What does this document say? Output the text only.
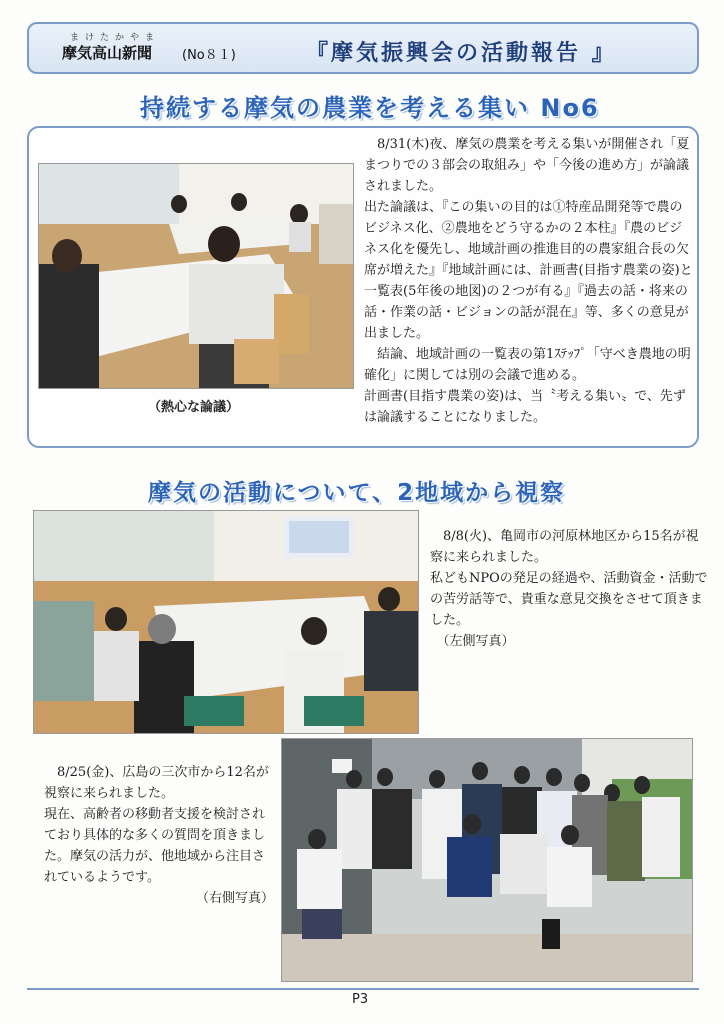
まけたかやま
摩気高山新聞 (No８１)	『摩気振興会の活動報告 』
持続する摩気の農業を考える集い No6
（熱心な論議）

　8/31(木)夜、摩気の農業を考える集いが開催され「夏まつりでの３部会の取組み」や「今後の進め方」が論議されました。

出た論議は、『この集いの目的は①特産品開発等で農のビジネス化、②農地をどう守るかの２本柱』『農のビジネス化を優先し、地域計画の推進目的の農家組合長の欠席が増えた』『地域計画には、計画書(目指す農業の姿)と一覧表(5年後の地図)の２つが有る』『過去の話・将来の話・作業の話・ビジョンの話が混在』等、多くの意見が出ました。

結論、地域計画の一覧表の第1ｽﾃｯﾌﾟ「守べき農地の明確化」に関しては別の会議で進める。

計画書(目指す農業の姿)は、当〝考える集い〟で、先ずは論議することになりました。

摩気の活動について、2地域から視察

　8/8(火)、亀岡市の河原林地区から15名が視察に来られました。

私どもNPOの発足の経過や、活動資金・活動での苦労話等で、貴重な意見交換をさせて頂きました。

　（左側写真）

　8/25(金)、広島の三次市から12名が視察に来られました。

現在、高齢者の移動者支援を検討されており具体的な多くの質問を頂きました。摩気の活力が、他地域から注目されているようです。

（右側写真）

P3
